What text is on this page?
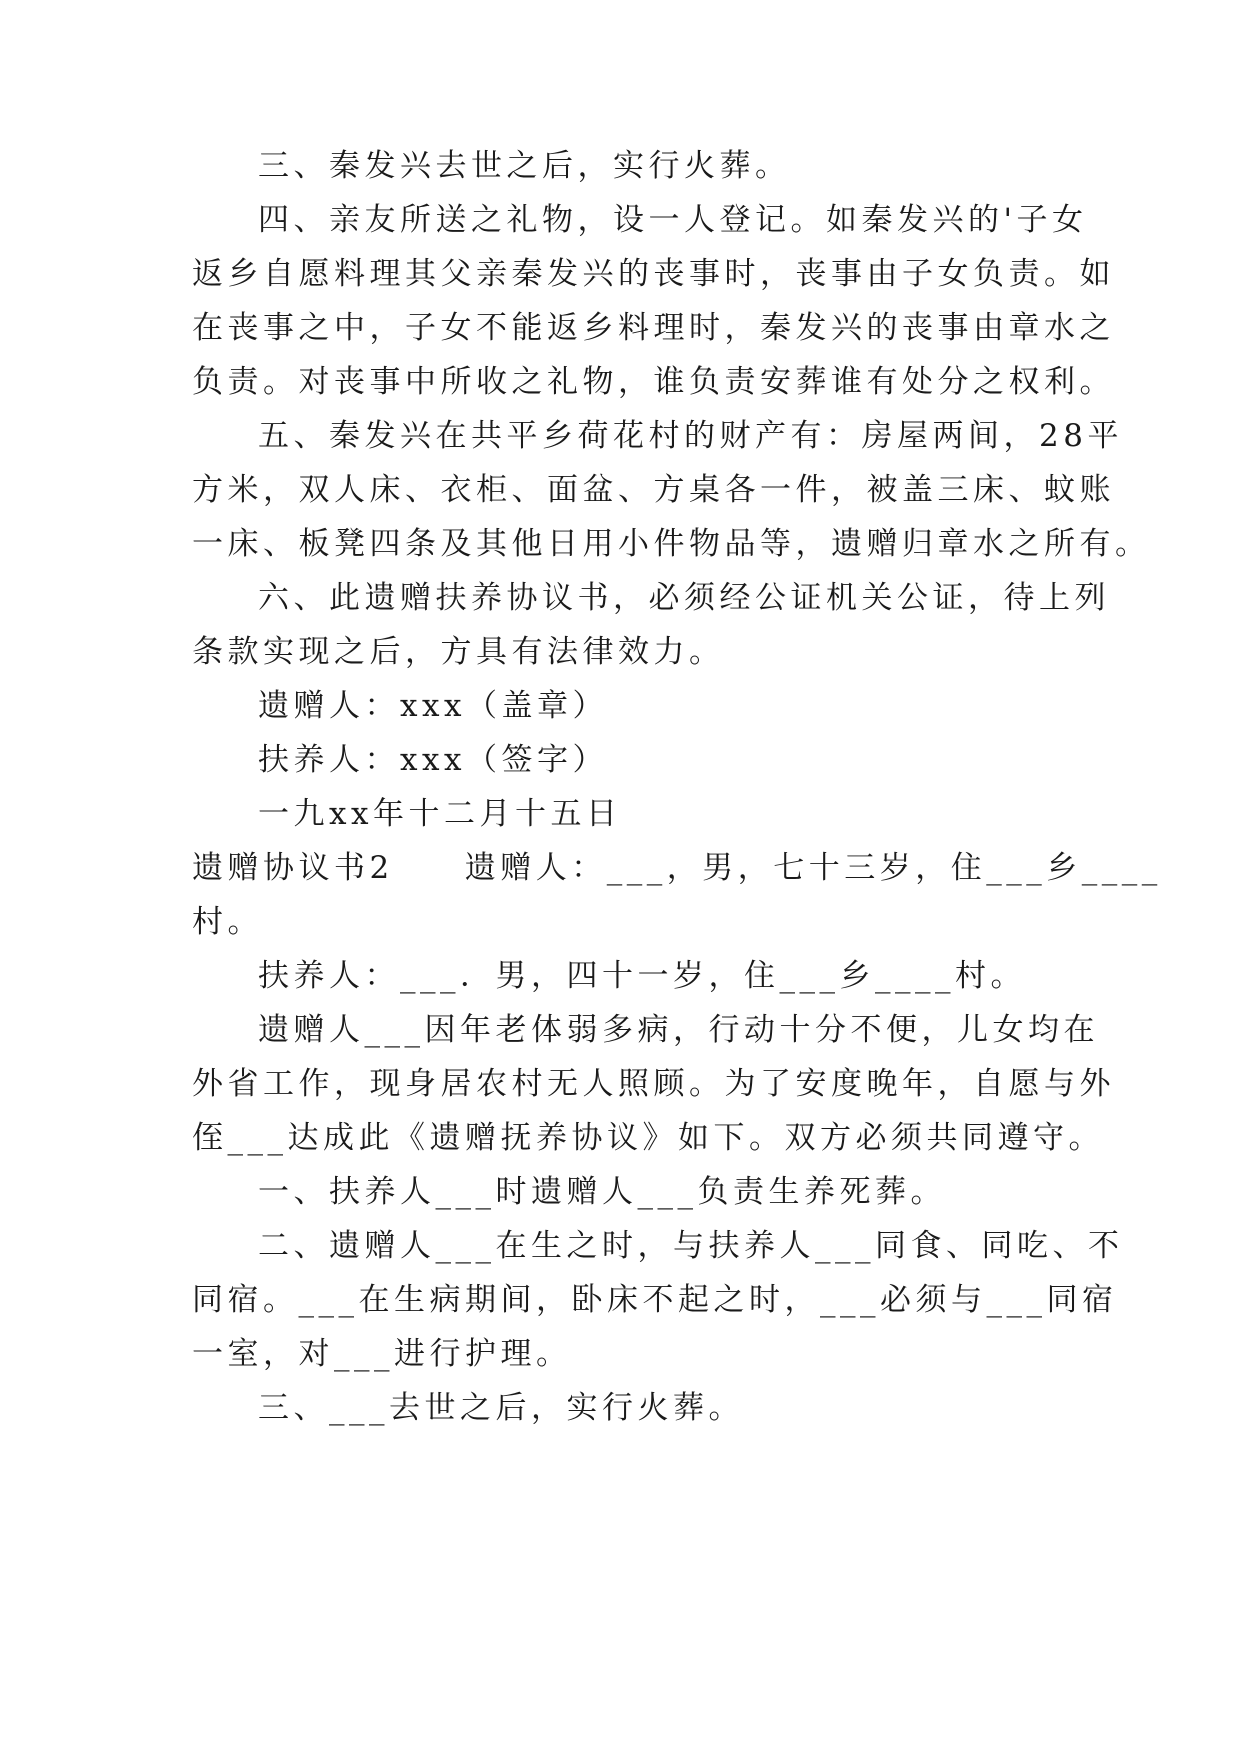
三、秦发兴去世之后，实行火葬。
四、亲友所送之礼物，设一人登记。如秦发兴的'子女
返乡自愿料理其父亲秦发兴的丧事时，丧事由子女负责。如
在丧事之中，子女不能返乡料理时，秦发兴的丧事由章水之
负责。对丧事中所收之礼物，谁负责安葬谁有处分之权利。
五、秦发兴在共平乡荷花村的财产有：房屋两间，28平
方米，双人床、衣柜、面盆、方桌各一件，被盖三床、蚊账
一床、板凳四条及其他日用小件物品等，遗赠归章水之所有。
六、此遗赠扶养协议书，必须经公证机关公证，待上列
条款实现之后，方具有法律效力。
遗赠人：xxx（盖章）
扶养人：xxx（签字）
一九xx年十二月十五日
遗赠协议书2　　遗赠人：___，男，七十三岁，住___乡____
村。
扶养人：___．男，四十一岁，住___乡____村。
遗赠人___因年老体弱多病，行动十分不便，儿女均在
外省工作，现身居农村无人照顾。为了安度晚年，自愿与外
侄___达成此《遗赠抚养协议》如下。双方必须共同遵守。
一、扶养人___时遗赠人___负责生养死葬。
二、遗赠人___在生之时，与扶养人___同食、同吃、不
同宿。___在生病期间，卧床不起之时，___必须与___同宿
一室，对___进行护理。
三、___去世之后，实行火葬。
